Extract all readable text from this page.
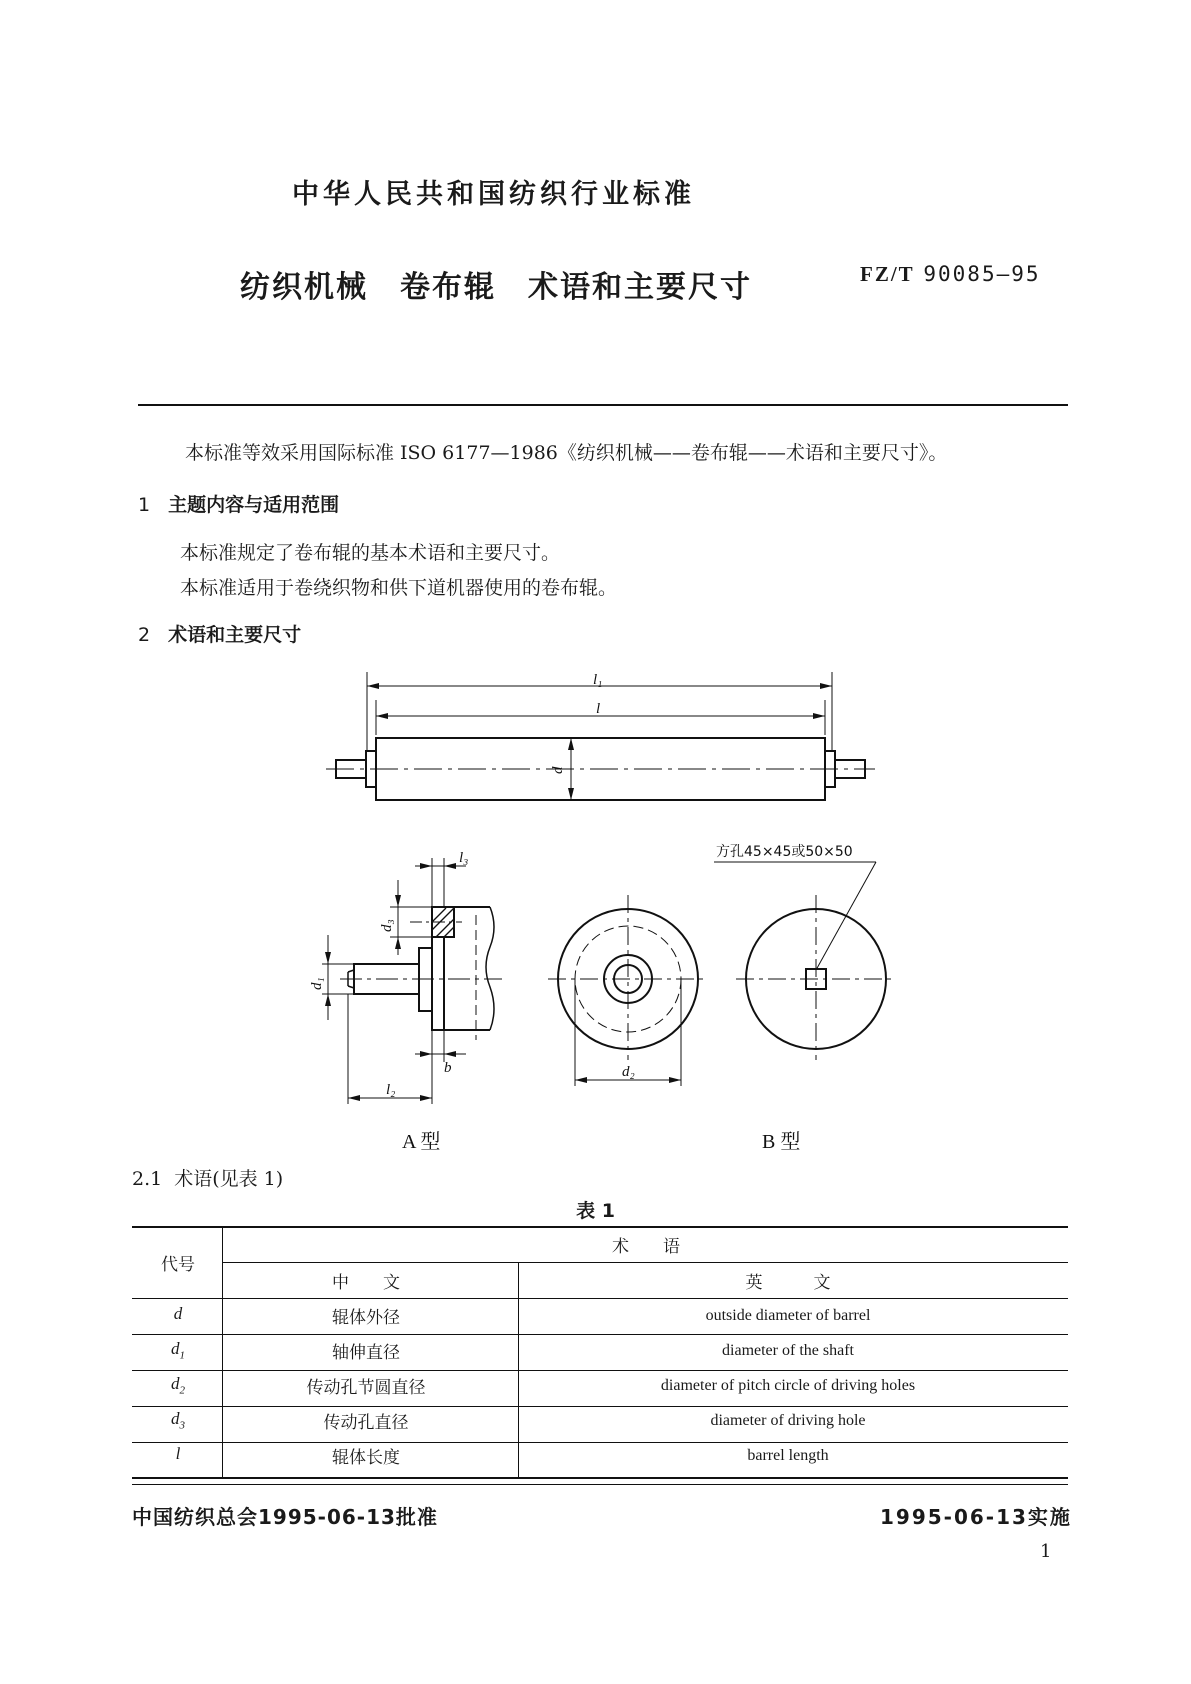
中华人民共和国纺织行业标准
纺织机械　卷布辊　术语和主要尺寸	FZ/T 90085—95
本标准等效采用国际标准 ISO 6177—1986《纺织机械——卷布辊——术语和主要尺寸》。
1 主题内容与适用范围
本标准规定了卷布辊的基本术语和主要尺寸。
本标准适用于卷绕织物和供下道机器使用的卷布辊。
2 术语和主要尺寸
l₁
l
d
l₃
d₃
d₁
b
l₂
d₂
方孔45×45或50×50
A 型	B 型
2.1 术语(见表 1)
表 1
代号	术　　语	
	中　　文	英　　　文
d	辊体外径	outside diameter of barrel
$d_1$	轴伸直径	diameter of the shaft
$d_2$	传动孔节圆直径	diameter of pitch circle of driving holes
$d_3$	传动孔直径	diameter of driving hole
l	辊体长度	barrel length
中国纺织总会1995-06-13批准	1995-06-13实施
1
